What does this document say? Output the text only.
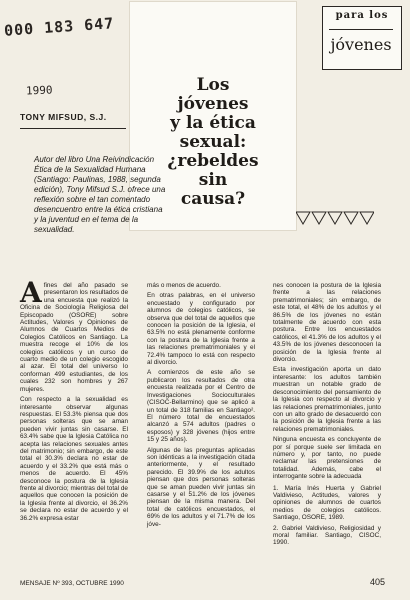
000 183 647
1990	Los
jóvenes
y la ética
sexual:
¿rebeldes
sin
causa?
para los
jóvenes
TONY MIFSUD, S.J.
Autor del libro Una Reivindicación Ética de la Sexualidad Humana (Santiago: Paulinas, 1988, segunda edición), Tony Mifsud S.J. ofrece una reflexión sobre el tan comentado desencuentro entre la ética cristiana y la juventud en el tema de la sexualidad.

Afines del año pasado se presentaron los resultados de una encuesta que realizó la Oficina de Sociología Religiosa del Episcopado (OSORE) sobre Actitudes, Valores y Opiniones de Alumnos de Cuartos Medios de Colegios Católicos en Santiago. La muestra recoge el 10% de los colegios católicos y un curso de cuarto medio de un colegio escogido al azar. El total del universo lo conforman 499 estudiantes, de los cuales 232 son hombres y 267 mujeres.

Con respecto a la sexualidad es interesante observar algunas respuestas. El 53.3% piensa que dos personas solteras que se aman pueden vivir juntas sin casarse. El 63.4% sabe que la Iglesia Católica no acepta las relaciones sexuales antes del matrimonio; sin embargo, de este total el 30.3% declara no estar de acuerdo y el 33.2% que está más o menos de acuerdo. El 45% desconoce la postura de la Iglesia frente al divorcio; mientras del total de aquellos que conocen la posición de la Iglesia frente al divorcio, el 36.2% se declara no estar de acuerdo y el 36.2% expresa estar

más o menos de acuerdo.

En otras palabras, en el universo encuestado y configurado por alumnos de colegios católicos, se observa que del total de aquellos que conocen la posición de la Iglesia, el 63.5% no está plenamente conforme con la postura de la Iglesia frente a las relaciones prematrimoniales y el 72.4% tampoco lo está con respecto al divorcio.

A comienzos de este año se publicaron los resultados de otra encuesta realizada por el Centro de Investigaciones Socioculturales (CISOC-Bellarmino) que se aplicó a un total de 318 familias en Santiago². El número total de encuestados alcanzó a 574 adultos (padres o esposos) y 328 jóvenes (hijos entre 15 y 25 años).

Algunas de las preguntas aplicadas son idénticas a la investigación citada anteriormente, y el resultado parecido. El 39.9% de los adultos piensan que dos personas solteras que se aman pueden vivir juntas sin casarse y el 51.2% de los jóvenes piensan de la misma manera. Del total de católicos encuestados, el 69% de los adultos y el 71.7% de los jóve-

nes conocen la postura de la Iglesia frente a las relaciones prematrimoniales; sin embargo, de este total, el 48% de los adultos y el 86.5% de los jóvenes no están totalmente de acuerdo con esta postura. Entre los encuestados católicos, el 41.3% de los adultos y el 43.5% de los jóvenes desconocen la posición de la Iglesia frente al divorcio.

Esta investigación aporta un dato interesante: los adultos también muestran un notable grado de desconocimiento del pensamiento de la Iglesia con respecto al divorcio y las relaciones prematrimoniales, junto con un alto grado de desacuerdo con la posición de la Iglesia frente a las relaciones prematrimoniales.

Ninguna encuesta es concluyente de por sí porque suele ser limitada en número y, por tanto, no puede reclamar las pretensiones de totalidad. Además, cabe el interrogante sobre la adecuada

1. María Inés Huerta y Gabriel Valdivieso, Actitudes, valores y opiniones de alumnos de cuartos medios de colegios católicos. Santiago, OSORE, 1989.

2. Gabriel Valdivieso, Religiosidad y moral familiar. Santiago, CISOC, 1990.

MENSAJE Nº 393, OCTUBRE 1990	405
